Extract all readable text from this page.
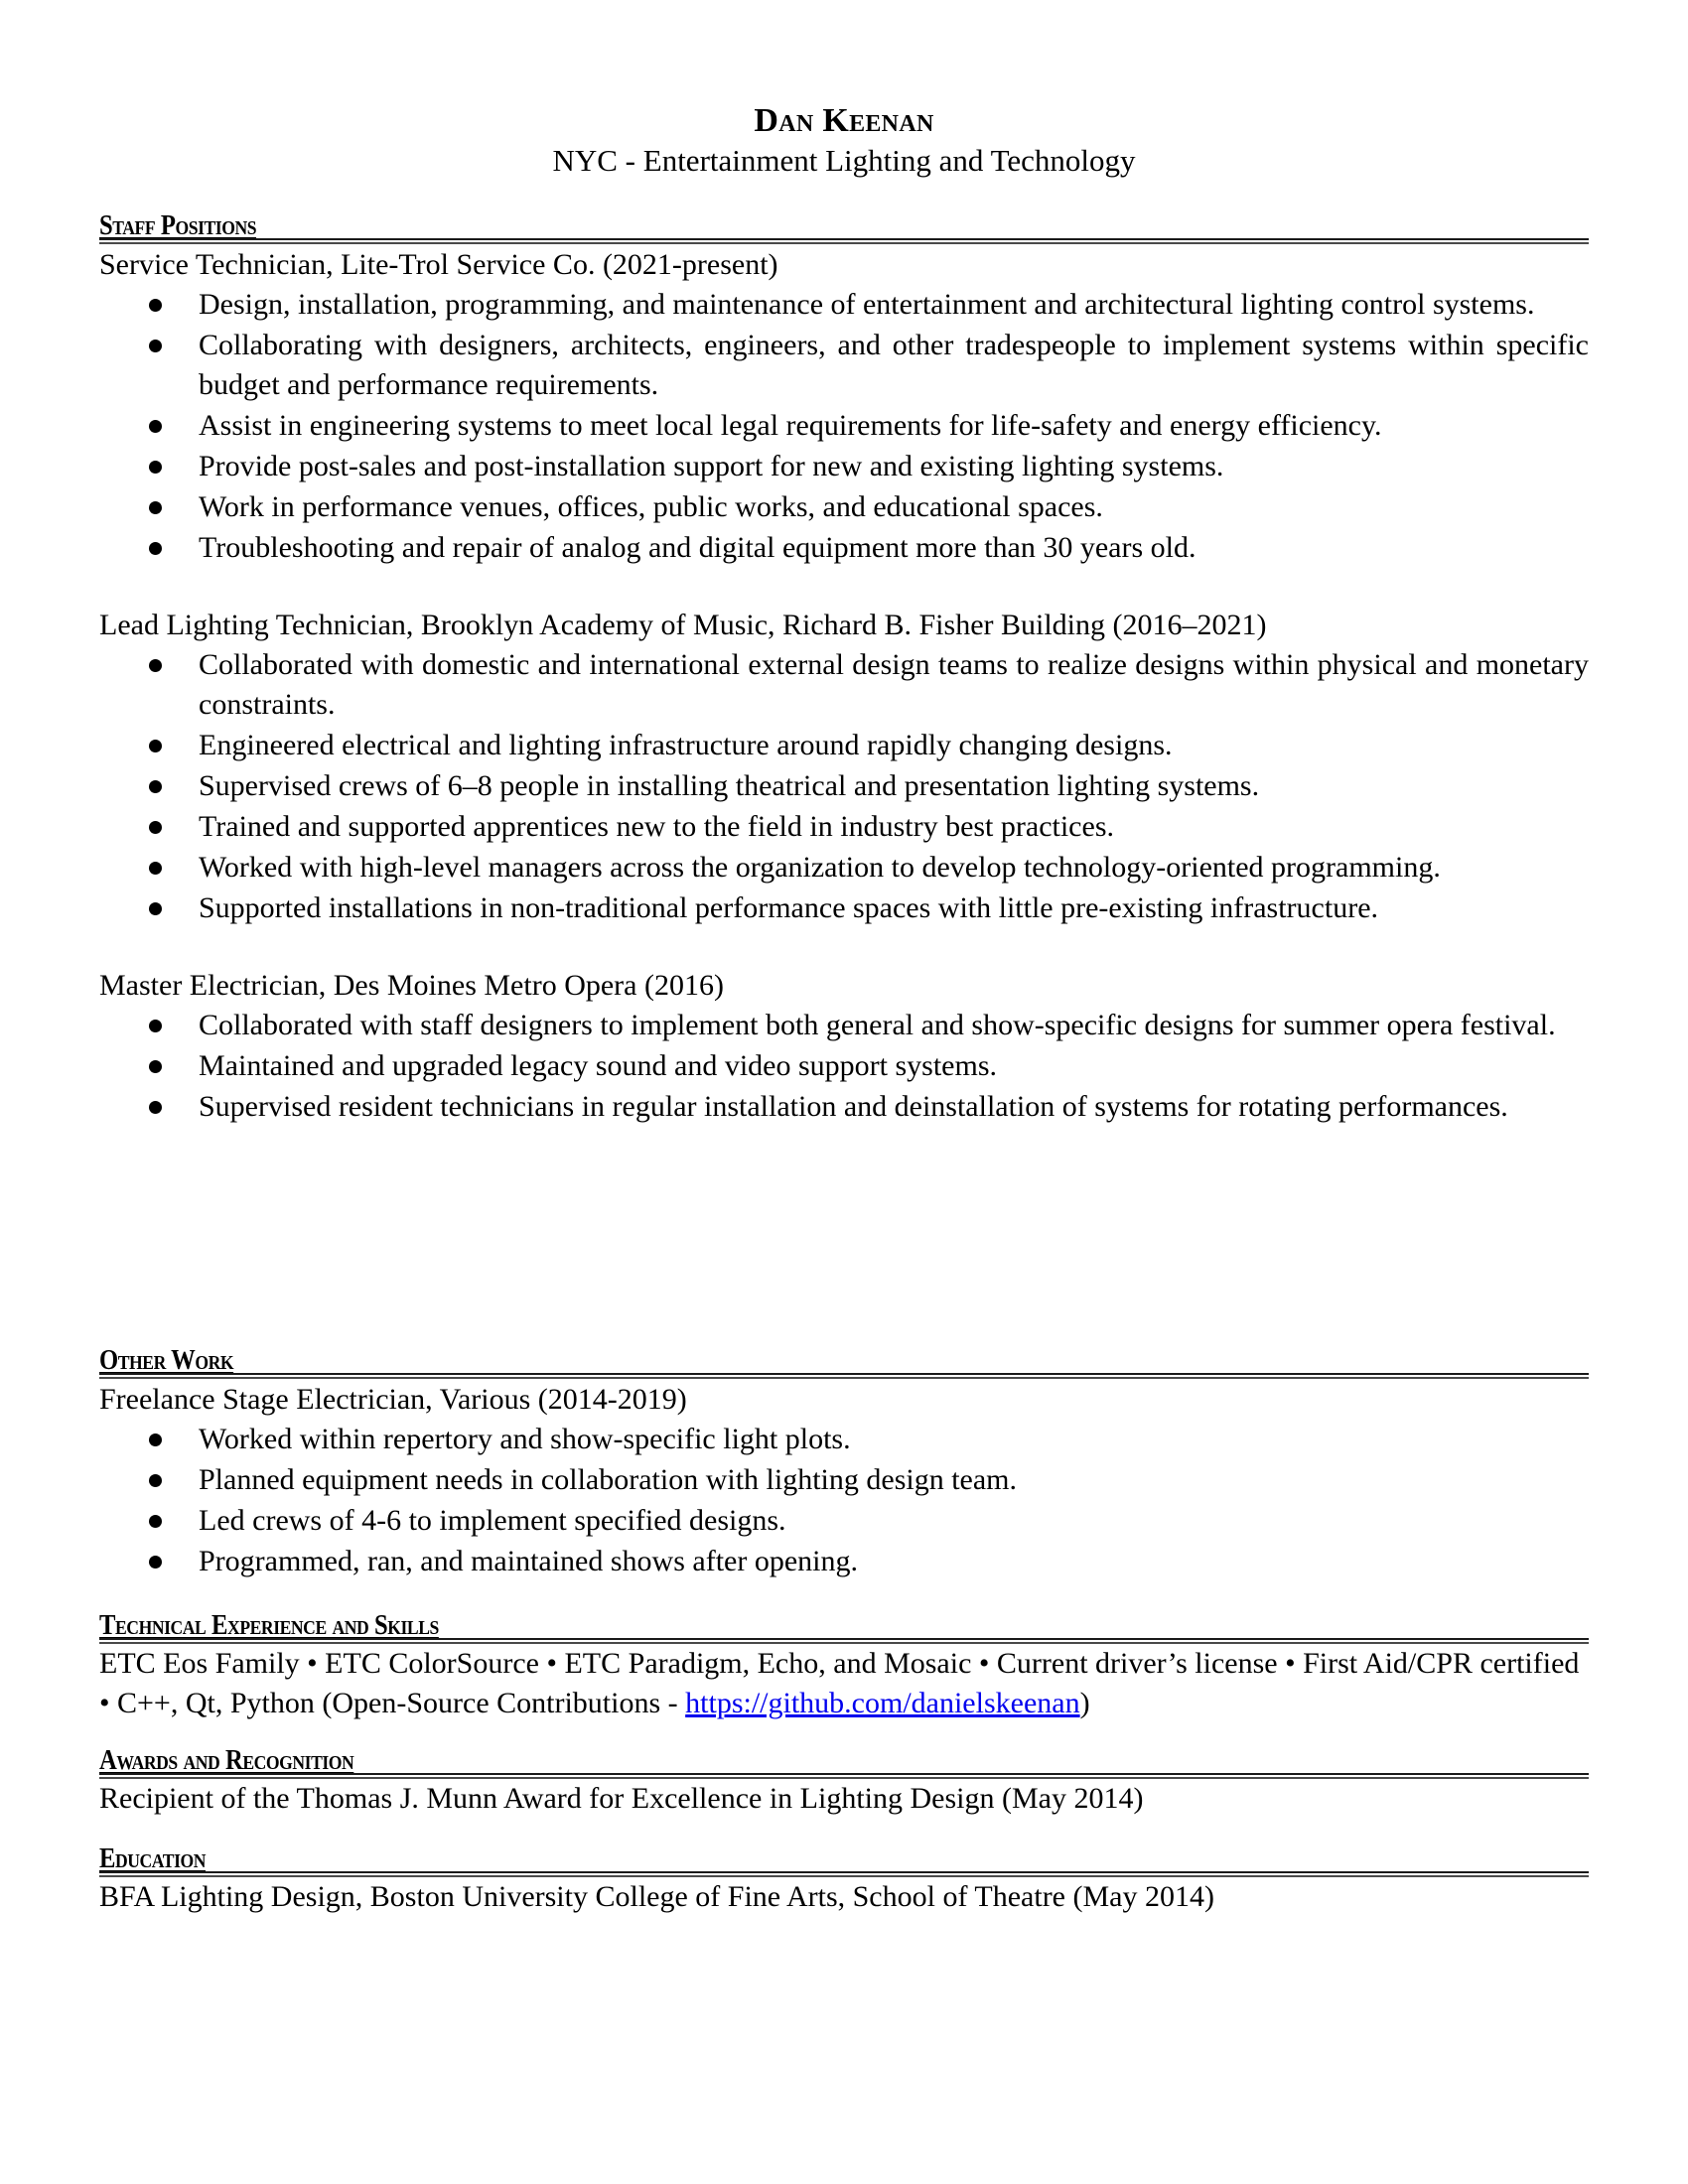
Dan Keenan
NYC - Entertainment Lighting and Technology
Staff Positions
Service Technician, Lite-Trol Service Co. (2021-present)
Design, installation, programming, and maintenance of entertainment and architectural lighting control systems.
Collaborating with designers, architects, engineers, and other tradespeople to implement systems within specific budget and performance requirements.
Assist in engineering systems to meet local legal requirements for life-safety and energy efficiency.
Provide post-sales and post-installation support for new and existing lighting systems.
Work in performance venues, offices, public works, and educational spaces.
Troubleshooting and repair of analog and digital equipment more than 30 years old.
Lead Lighting Technician, Brooklyn Academy of Music, Richard B. Fisher Building (2016–2021)
Collaborated with domestic and international external design teams to realize designs within physical and monetary constraints.
Engineered electrical and lighting infrastructure around rapidly changing designs.
Supervised crews of 6–8 people in installing theatrical and presentation lighting systems.
Trained and supported apprentices new to the field in industry best practices.
Worked with high-level managers across the organization to develop technology-oriented programming.
Supported installations in non-traditional performance spaces with little pre-existing infrastructure.
Master Electrician, Des Moines Metro Opera (2016)
Collaborated with staff designers to implement both general and show-specific designs for summer opera festival.
Maintained and upgraded legacy sound and video support systems.
Supervised resident technicians in regular installation and deinstallation of systems for rotating performances.
Other Work
Freelance Stage Electrician, Various (2014-2019)
Worked within repertory and show-specific light plots.
Planned equipment needs in collaboration with lighting design team.
Led crews of 4-6 to implement specified designs.
Programmed, ran, and maintained shows after opening.
Technical Experience and Skills
ETC Eos Family • ETC ColorSource • ETC Paradigm, Echo, and Mosaic • Current driver’s license • First Aid/CPR certified • C++, Qt, Python (Open-Source Contributions - https://github.com/danielskeenan)
Awards and Recognition
Recipient of the Thomas J. Munn Award for Excellence in Lighting Design (May 2014)
Education
BFA Lighting Design, Boston University College of Fine Arts, School of Theatre (May 2014)
